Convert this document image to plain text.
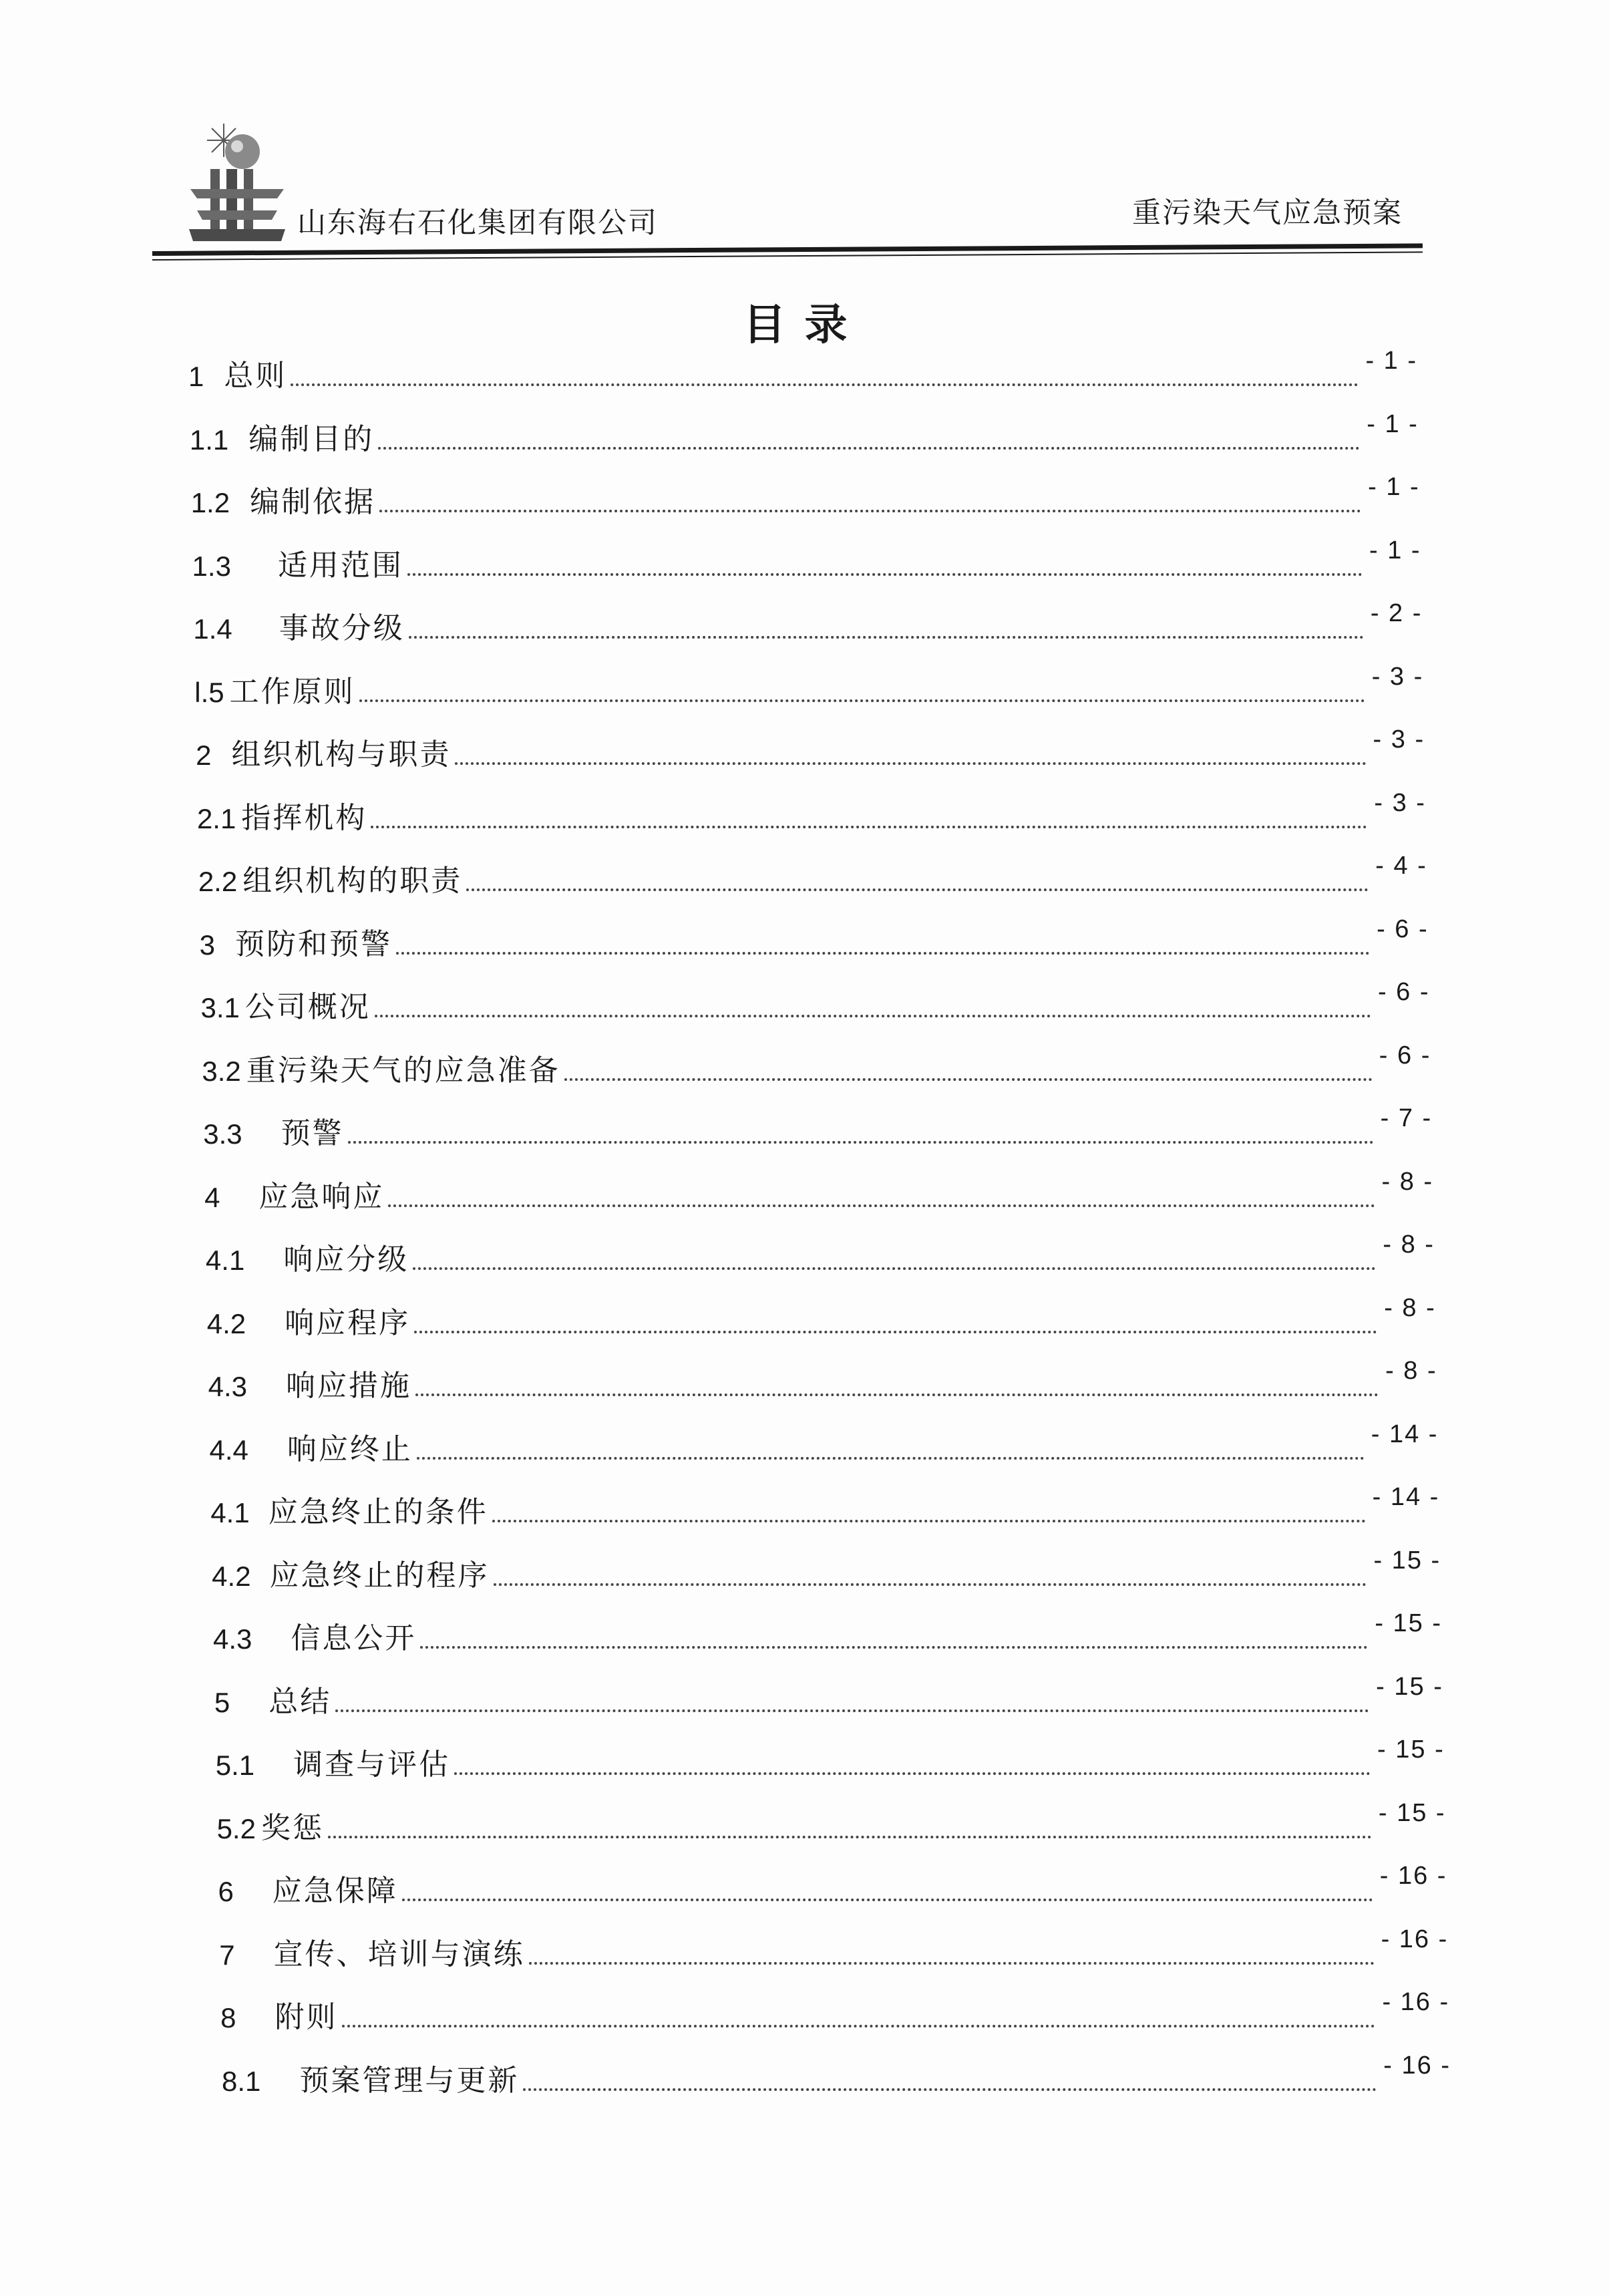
山东海右石化集团有限公司	重污染天气应急预案
目录
1 总则	- 1 -
1.1 编制目的	- 1 -
1.2 编制依据	- 1 -
1.3 适用范围	- 1 -
1.4 事故分级	- 2 -
l.5 工作原则	- 3 -
2 组织机构与职责	- 3 -
2.1 指挥机构	- 3 -
2.2 组织机构的职责	- 4 -
3 预防和预警	- 6 -
3.1 公司概况	- 6 -
3.2 重污染天气的应急准备	- 6 -
3.3 预警	- 7 -
4 应急响应	- 8 -
4.1 响应分级	- 8 -
4.2 响应程序	- 8 -
4.3 响应措施	- 8 -
4.4 响应终止	- 14 -
4.1 应急终止的条件	- 14 -
4.2 应急终止的程序	- 15 -
4.3 信息公开	- 15 -
5 总结	- 15 -
5.1 调查与评估	- 15 -
5.2 奖惩	- 15 -
6 应急保障	- 16 -
7 宣传、培训与演练	- 16 -
8 附则	- 16 -
8.1 预案管理与更新	- 16 -
